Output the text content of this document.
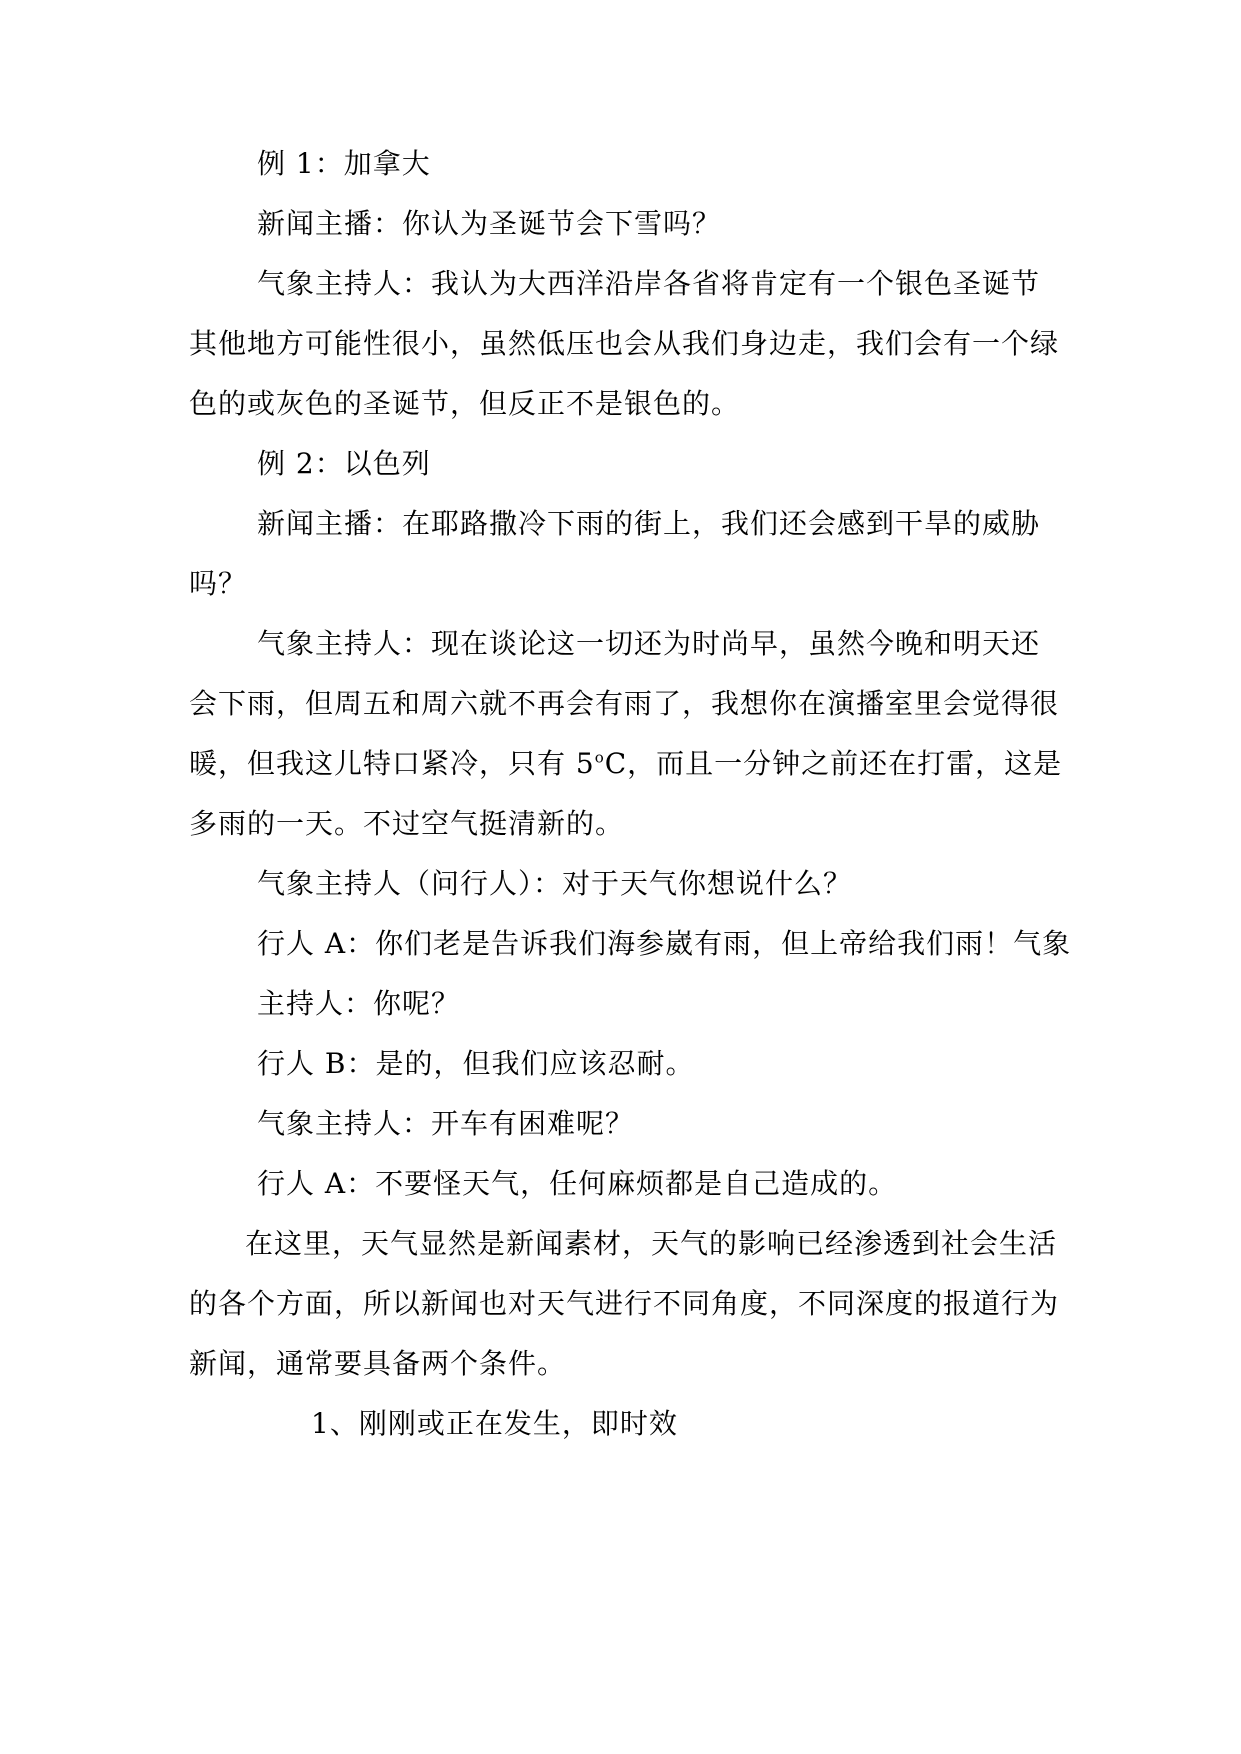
例 1：加拿大
新闻主播：你认为圣诞节会下雪吗？
气象主持人：我认为大西洋沿岸各省将肯定有一个银色圣诞节
其他地方可能性很小，虽然低压也会从我们身边走，我们会有一个绿
色的或灰色的圣诞节，但反正不是银色的。
例 2：以色列
新闻主播：在耶路撒冷下雨的街上，我们还会感到干旱的威胁
吗？
气象主持人：现在谈论这一切还为时尚早，虽然今晚和明天还
会下雨，但周五和周六就不再会有雨了，我想你在演播室里会觉得很
暖，但我这儿特口紧冷，只有 5$^o$C，而且一分钟之前还在打雷，这是
多雨的一天。不过空气挺清新的。
气象主持人（问行人）：对于天气你想说什么？
行人 A：你们老是告诉我们海参崴有雨，但上帝给我们雨！气象
主持人：你呢？
行人 B：是的，但我们应该忍耐。
气象主持人：开车有困难呢？
行人 A：不要怪天气，任何麻烦都是自己造成的。
在这里，天气显然是新闻素材，天气的影响已经渗透到社会生活
的各个方面，所以新闻也对天气进行不同角度，不同深度的报道行为
新闻，通常要具备两个条件。
1、刚刚或正在发生，即时效
